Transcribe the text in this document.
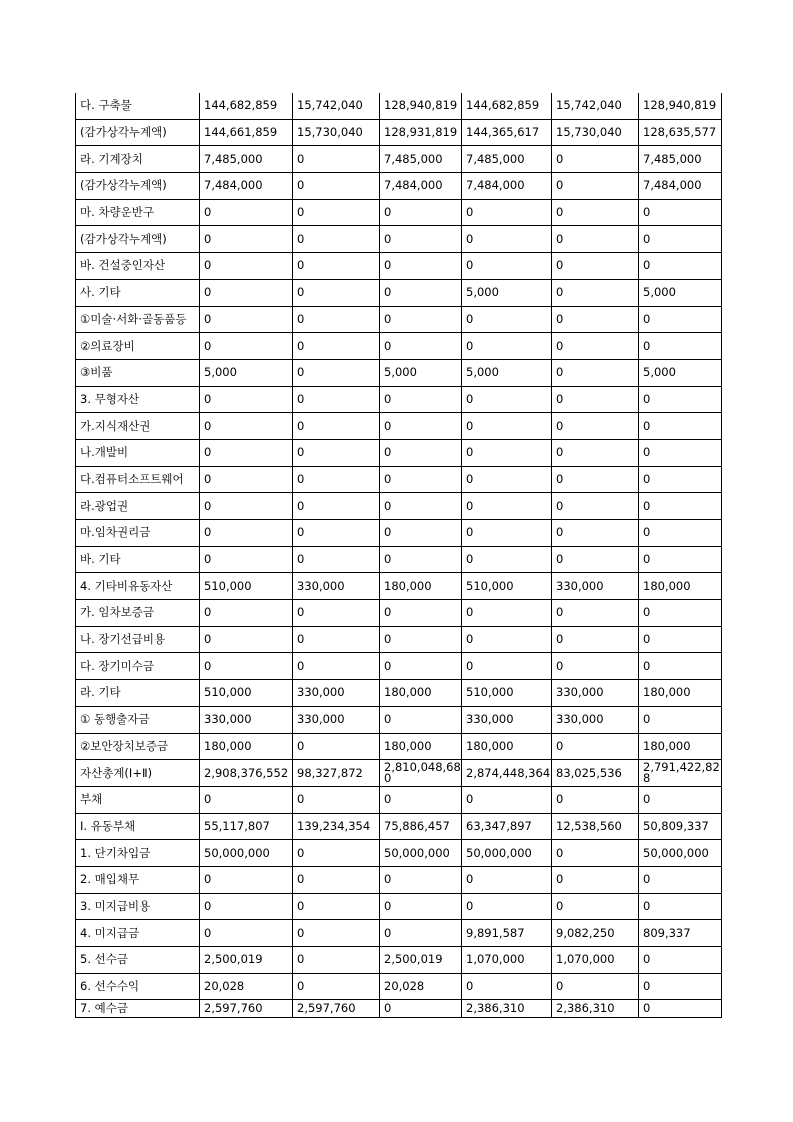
다. 구축물	144,682,859	15,742,040	128,940,819	144,682,859	15,742,040	128,940,819
(감가상각누계액)	144,661,859	15,730,040	128,931,819	144,365,617	15,730,040	128,635,577
라. 기계장치	7,485,000	0	7,485,000	7,485,000	0	7,485,000
(감가상각누계액)	7,484,000	0	7,484,000	7,484,000	0	7,484,000
마. 차량운반구	0	0	0	0	0	0
(감가상각누계액)	0	0	0	0	0	0
바. 건설중인자산	0	0	0	0	0	0
사. 기타	0	0	0	5,000	0	5,000
①미술·서화·골동품등	0	0	0	0	0	0
②의료장비	0	0	0	0	0	0
③비품	5,000	0	5,000	5,000	0	5,000
3. 무형자산	0	0	0	0	0	0
가.지식재산권	0	0	0	0	0	0
나.개발비	0	0	0	0	0	0
다.컴퓨터소프트웨어	0	0	0	0	0	0
라.광업권	0	0	0	0	0	0
마.임차권리금	0	0	0	0	0	0
바. 기타	0	0	0	0	0	0
4. 기타비유동자산	510,000	330,000	180,000	510,000	330,000	180,000
가. 임차보증금	0	0	0	0	0	0
나. 장기선급비용	0	0	0	0	0	0
다. 장기미수금	0	0	0	0	0	0
라. 기타	510,000	330,000	180,000	510,000	330,000	180,000
① 동행출자금	330,000	330,000	0	330,000	330,000	0
②보안장치보증금	180,000	0	180,000	180,000	0	180,000
자산총계(Ⅰ+Ⅱ)	2,908,376,552	98,327,872	2,810,048,680	2,874,448,364	83,025,536	2,791,422,828
부채	0	0	0	0	0	0
Ⅰ. 유동부채	55,117,807	139,234,354	75,886,457	63,347,897	12,538,560	50,809,337
1. 단기차입금	50,000,000	0	50,000,000	50,000,000	0	50,000,000
2. 매입채무	0	0	0	0	0	0
3. 미지급비용	0	0	0	0	0	0
4. 미지급금	0	0	0	9,891,587	9,082,250	809,337
5. 선수금	2,500,019	0	2,500,019	1,070,000	1,070,000	0
6. 선수수익	20,028	0	20,028	0	0	0
7. 예수금	2,597,760	2,597,760	0	2,386,310	2,386,310	0
